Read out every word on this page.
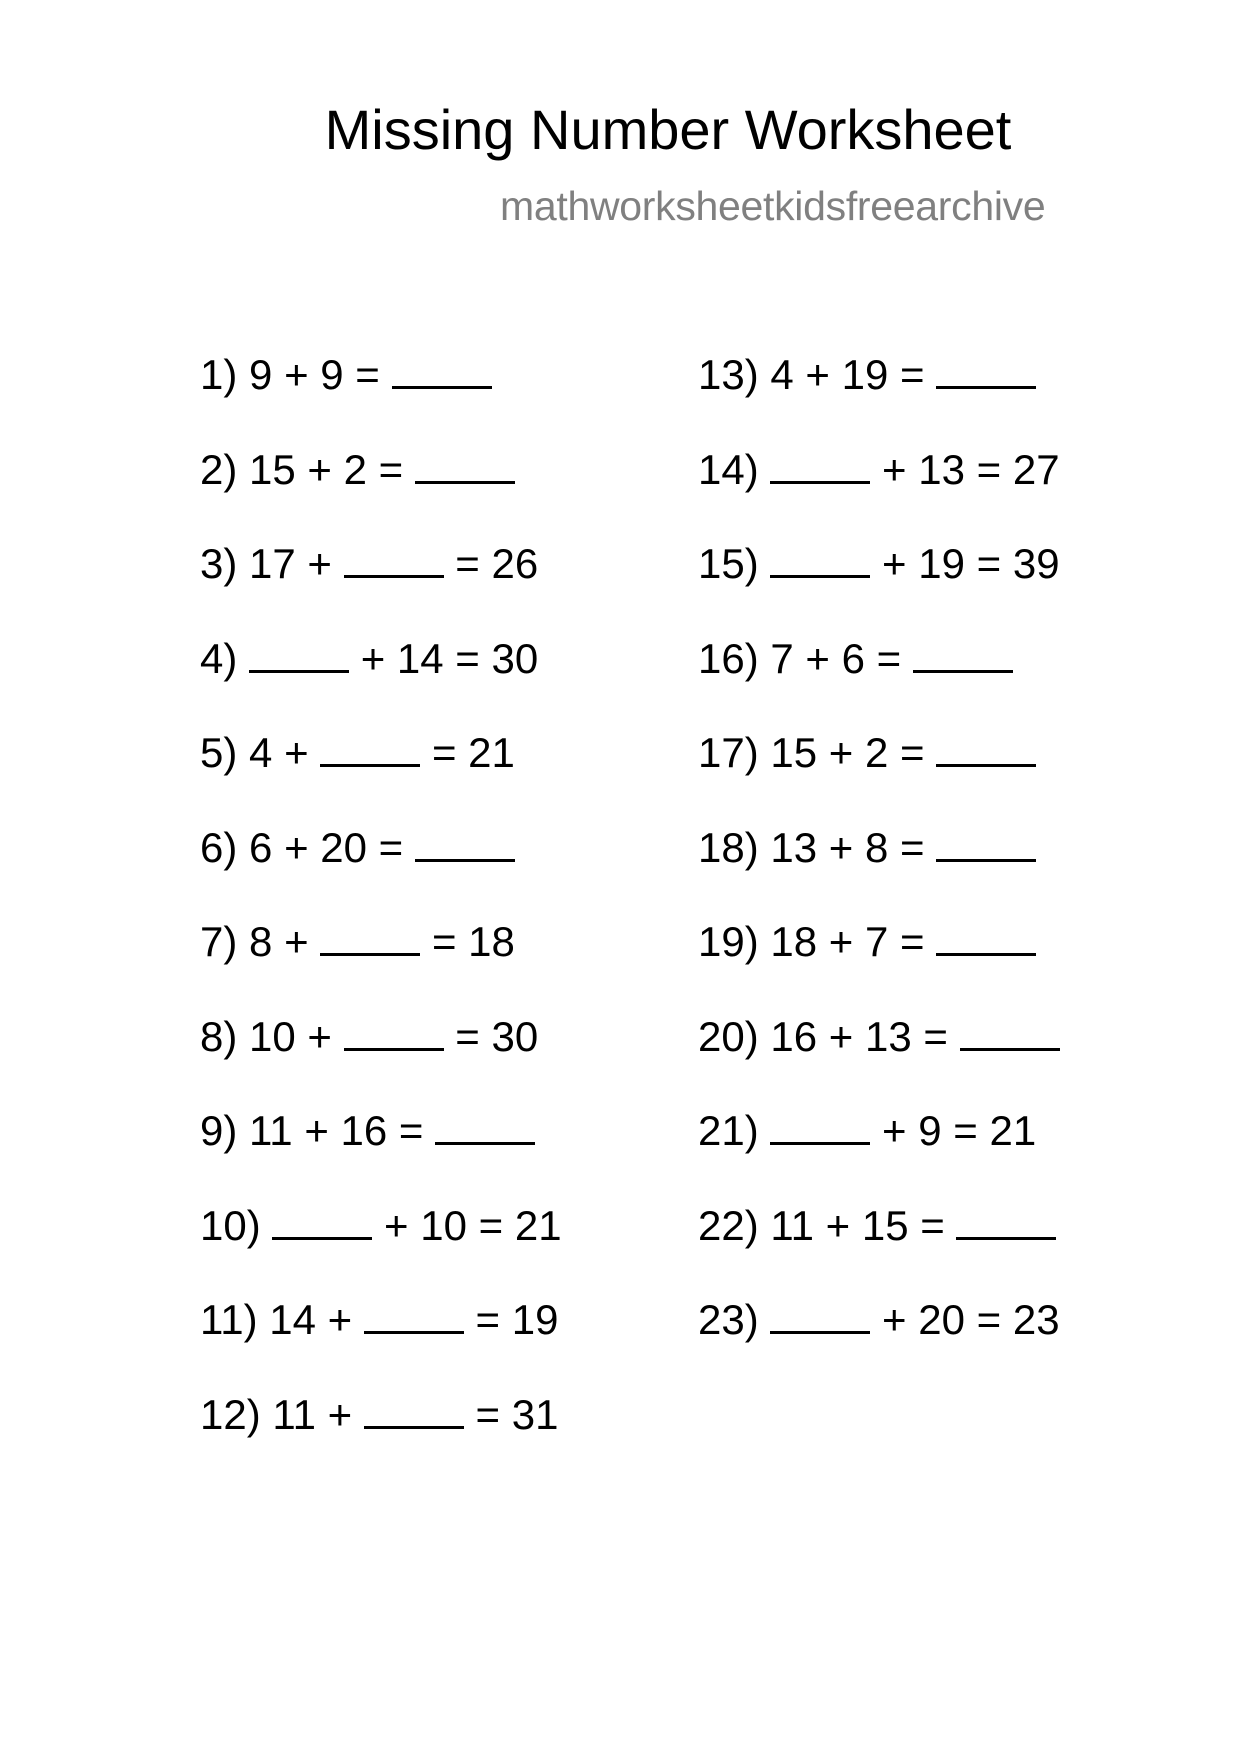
Missing Number Worksheet
mathworksheetkidsfreearchive
1) 9 + 9 =
2) 15 + 2 =
3) 17 +	= 26
4)	+ 14 = 30
5) 4 +	= 21
6) 6 + 20 =
7) 8 +	= 18
8) 10 +	= 30
9) 11 + 16 =
10)	+ 10 = 21
11) 14 +	= 19
12) 11 +	= 31
13) 4 + 19 =
14)	+ 13 = 27
15)	+ 19 = 39
16) 7 + 6 =
17) 15 + 2 =
18) 13 + 8 =
19) 18 + 7 =
20) 16 + 13 =
21)	+ 9 = 21
22) 11 + 15 =
23)	+ 20 = 23
